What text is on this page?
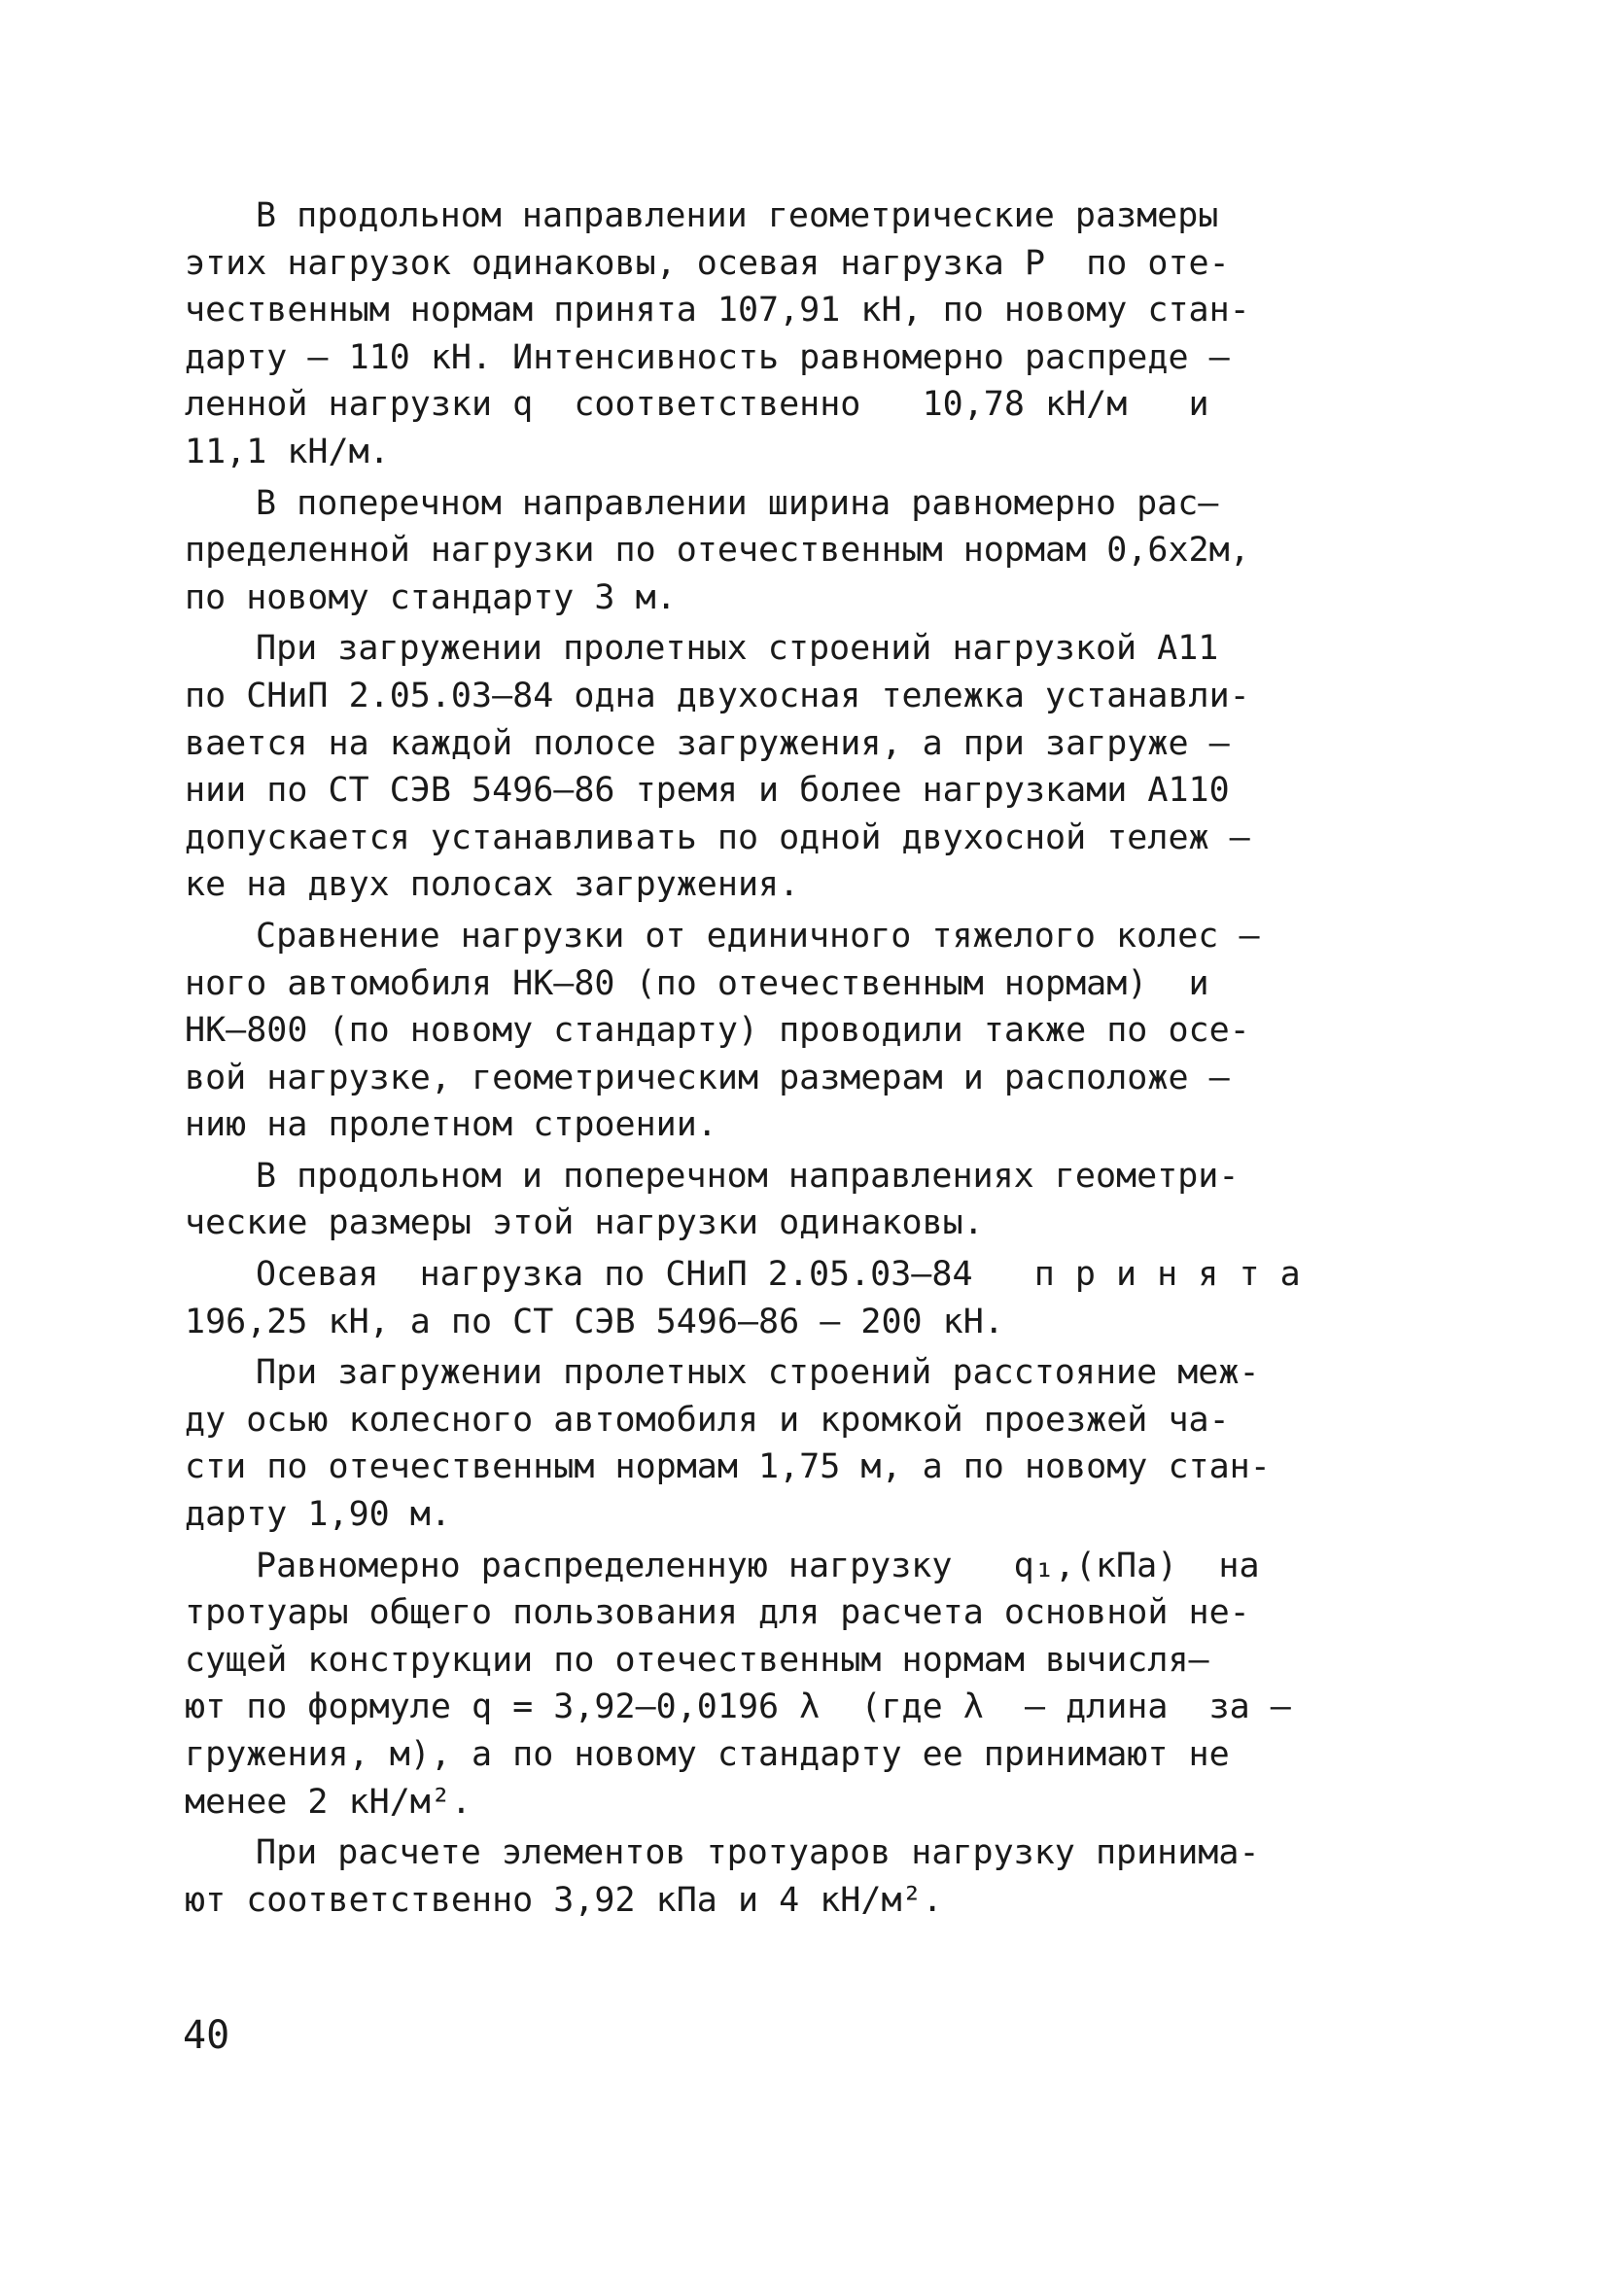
В продольном направлении геометрические размеры
этих нагрузок одинаковы, осевая нагрузка Р  по оте-
чественным нормам принята 107,91 кН, по новому стан-
дарту – 110 кН. Интенсивность равномерно распреде –
ленной нагрузки q  соответственно   10,78 кН/м   и
11,1 кН/м.
В поперечном направлении ширина равномерно рас–
пределенной нагрузки по отечественным нормам 0,6х2м,
по новому стандарту 3 м.
При загружении пролетных строений нагрузкой А11
по СНиП 2.05.03–84 одна двухосная тележка устанавли-
вается на каждой полосе загружения, а при загруже –
нии по СТ СЭВ 5496–86 тремя и более нагрузками А110
допускается устанавливать по одной двухосной тележ –
ке на двух полосах загружения.
Сравнение нагрузки от единичного тяжелого колес –
ного автомобиля НК–80 (по отечественным нормам)  и
НК–800 (по новому стандарту) проводили также по осе-
вой нагрузке, геометрическим размерам и расположе –
нию на пролетном строении.
В продольном и поперечном направлениях геометри-
ческие размеры этой нагрузки одинаковы.
Осевая  нагрузка по СНиП 2.05.03–84   п р и н я т а
196,25 кН, а по СТ СЭВ 5496–86 – 200 кН.
При загружении пролетных строений расстояние меж-
ду осью колесного автомобиля и кромкой проезжей ча-
сти по отечественным нормам 1,75 м, а по новому стан-
дарту 1,90 м.
Равномерно распределенную нагрузку   q₁,(кПа)  на
тротуары общего пользования для расчета основной не-
сущей конструкции по отечественным нормам вычисля–
ют по формуле q = 3,92–0,0196 λ  (где λ  – длина  за –
гружения, м), а по новому стандарту ее принимают не
менее 2 кН/м².
При расчете элементов тротуаров нагрузку принима-
ют соответственно 3,92 кПа и 4 кН/м².
40
